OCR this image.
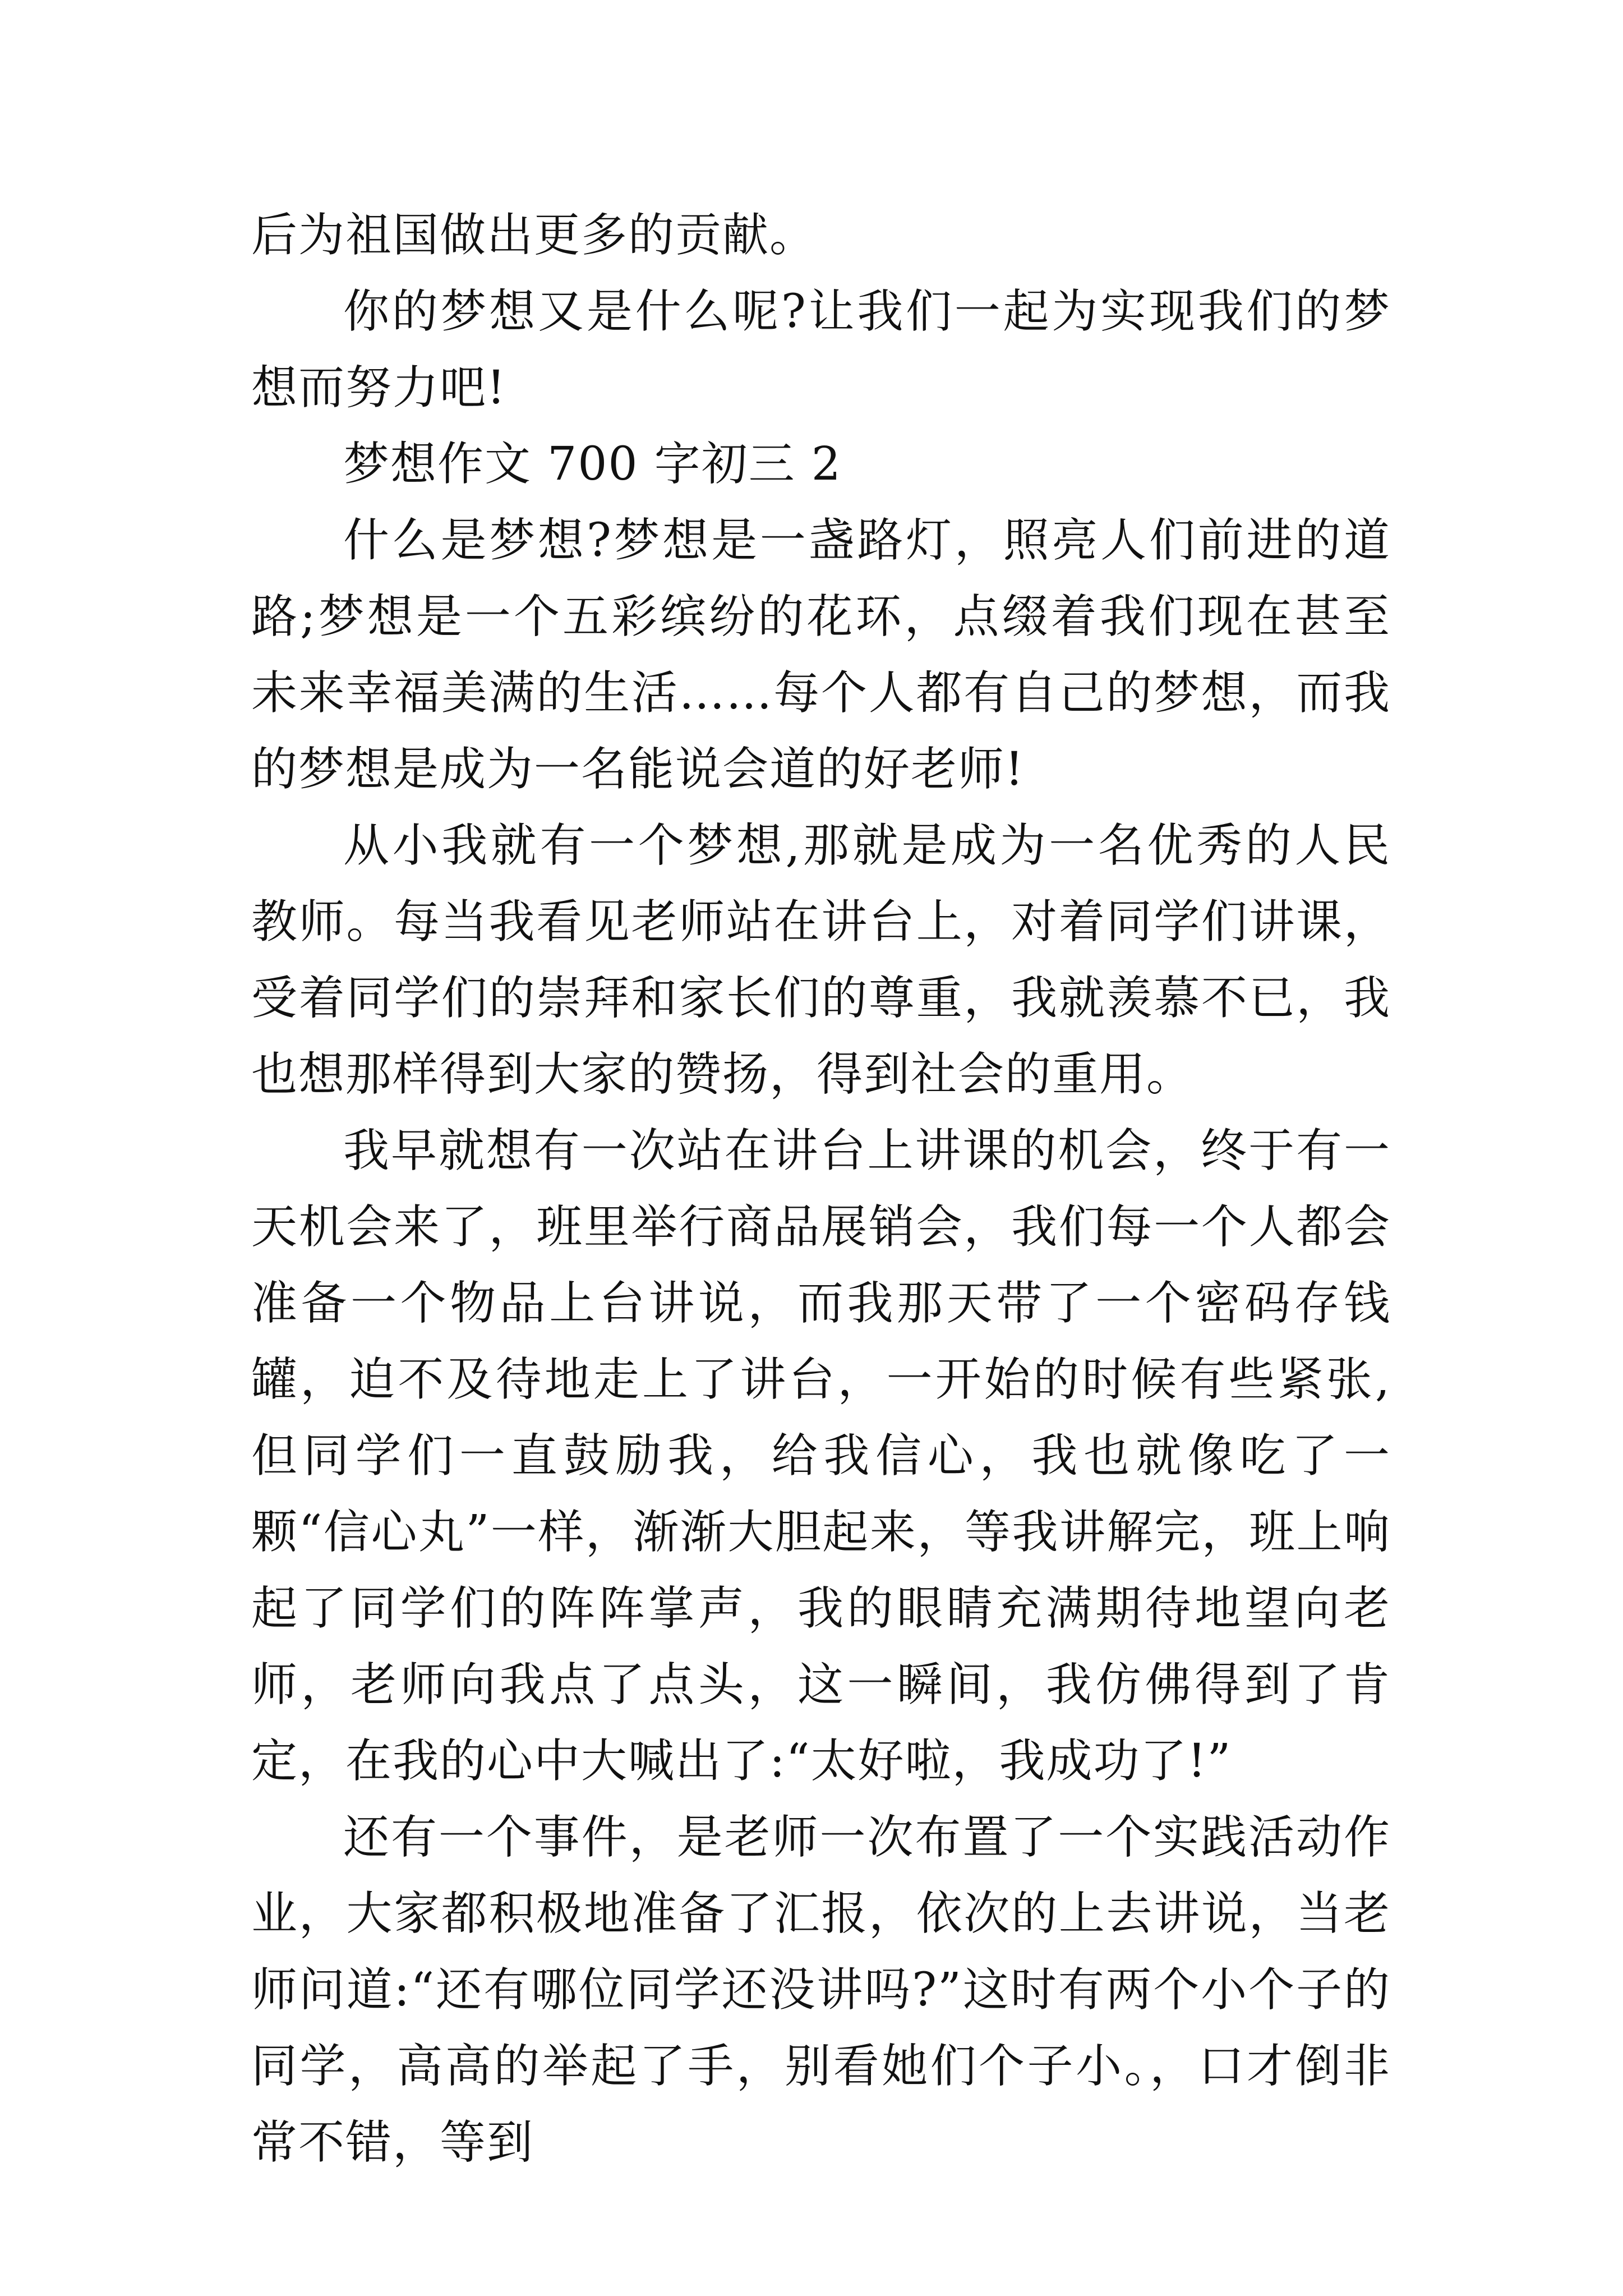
后为祖国做出更多的贡献。

你的梦想又是什么呢?让我们一起为实现我们的梦想而努力吧!

梦想作文 700 字初三 2

什么是梦想?梦想是一盏路灯，照亮人们前进的道路;梦想是一个五彩缤纷的花环，点缀着我们现在甚至未来幸福美满的生活……每个人都有自己的梦想，而我的梦想是成为一名能说会道的好老师!

从小我就有一个梦想,那就是成为一名优秀的人民教师。每当我看见老师站在讲台上，对着同学们讲课，受着同学们的崇拜和家长们的尊重，我就羡慕不已，我也想那样得到大家的赞扬，得到社会的重用。

我早就想有一次站在讲台上讲课的机会，终于有一天机会来了，班里举行商品展销会，我们每一个人都会准备一个物品上台讲说，而我那天带了一个密码存钱罐，迫不及待地走上了讲台，一开始的时候有些紧张,但同学们一直鼓励我，给我信心，我也就像吃了一颗“信心丸”一样，渐渐大胆起来，等我讲解完，班上响起了同学们的阵阵掌声，我的眼睛充满期待地望向老师，老师向我点了点头，这一瞬间，我仿佛得到了肯定，在我的心中大喊出了:“太好啦，我成功了!”

还有一个事件，是老师一次布置了一个实践活动作业，大家都积极地准备了汇报，依次的上去讲说，当老师问道:“还有哪位同学还没讲吗?”这时有两个小个子的同学，高高的举起了手，别看她们个子小。，口才倒非常不错，等到
